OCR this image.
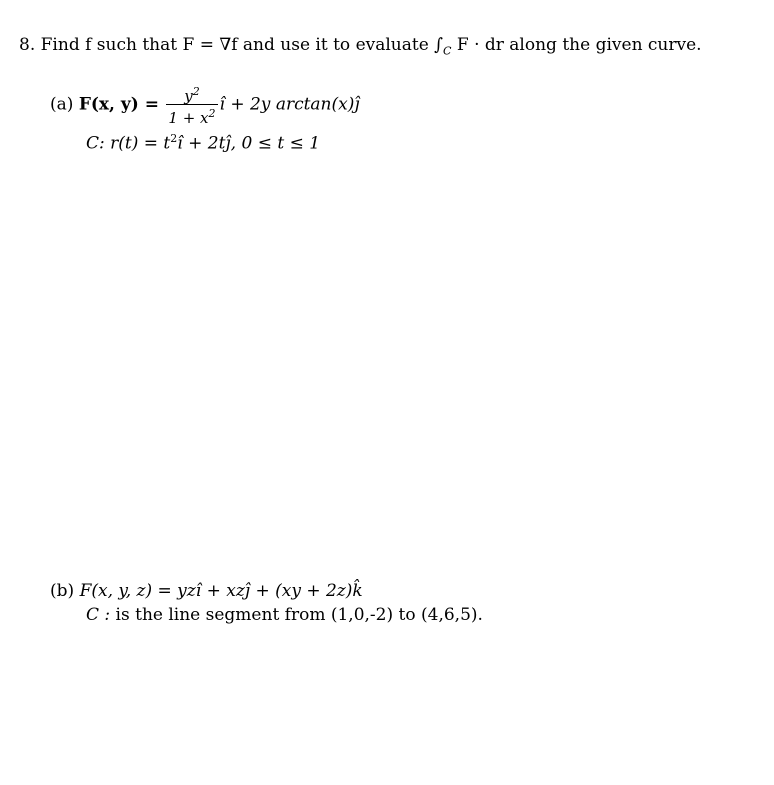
8. Find f such that F = ∇f and use it to evaluate $\int_C$ F · dr along the given curve.
(a) F(x, $y) = \frac{y^2}{1 + x^2}$ î + 2y arctan(x)ĵ
C: $r(t) = t^2î$ + 2tĵ, 0 ≤ t ≤ 1
(b) F(x, y, z) = yzî + xzĵ + (xy + 2z)k̂
C : is the line segment from (1,0,-2) to (4,6,5).
